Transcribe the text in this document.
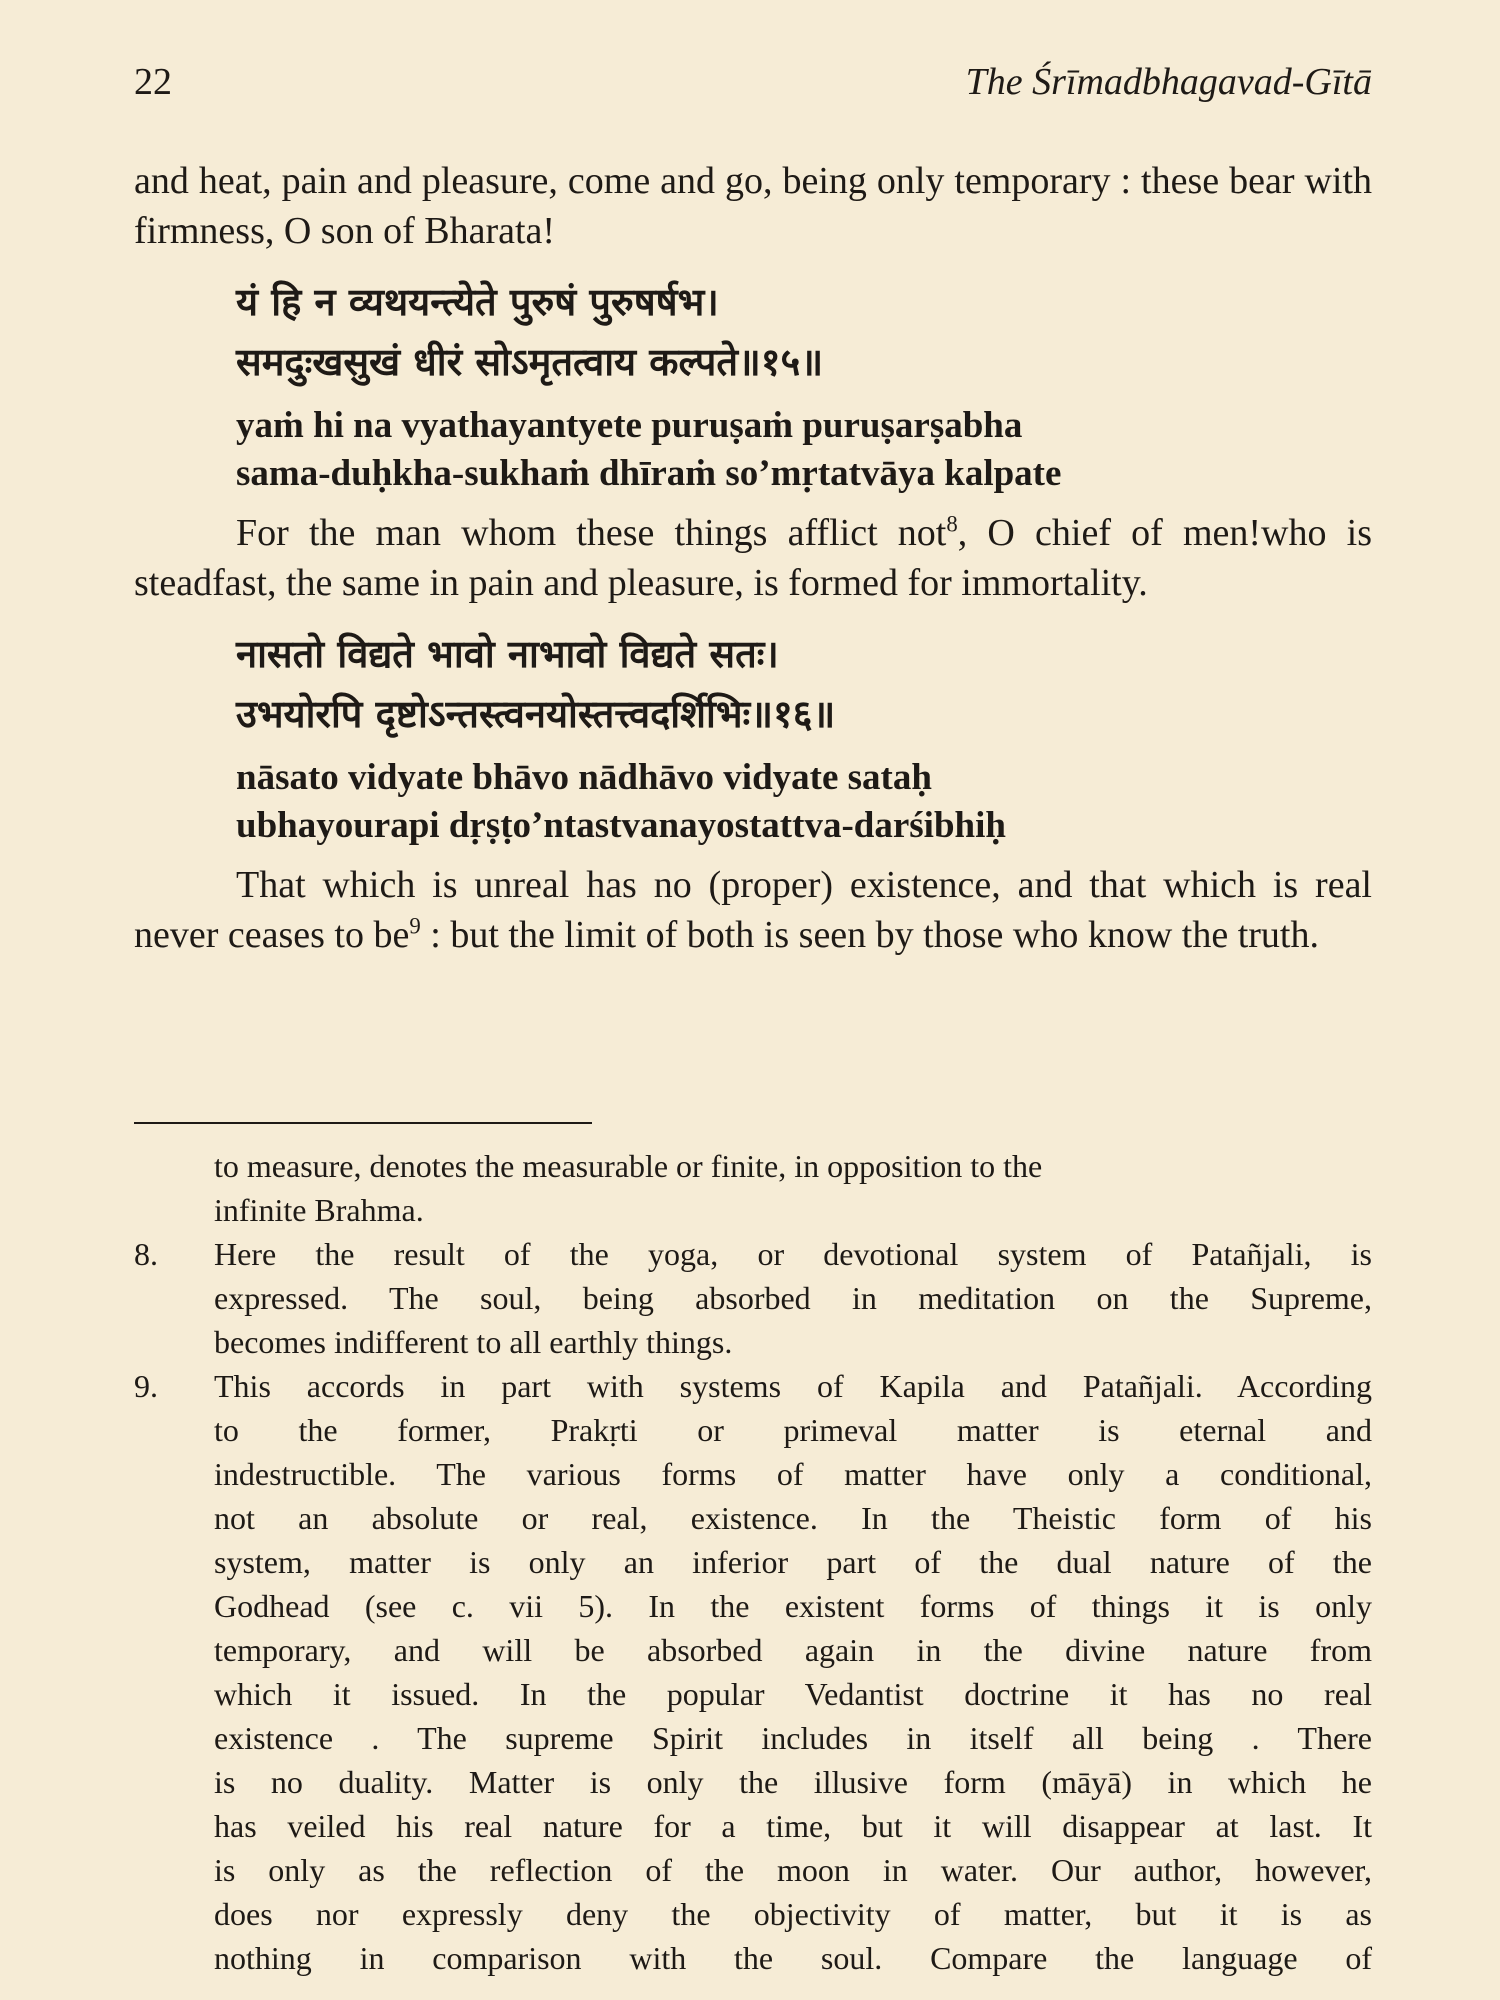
22	The Śrīmadbhagavad-Gītā

and heat, pain and pleasure, come and go, being only temporary : these bear with firmness, O son of Bharata!

यं हि न व्यथयन्त्येते पुरुषं पुरुषर्षभ।

समदुःखसुखं धीरं सोऽमृतत्वाय कल्पते॥१५॥

yaṁ hi na vyathayantyete puruṣaṁ puruṣarṣabha

sama-duḥkha-sukhaṁ dhīraṁ so’mṛtatvāya kalpate

For the man whom these things afflict not$^8$, O chief of men!who is steadfast, the same in pain and pleasure, is formed for immortality.

नासतो विद्यते भावो नाभावो विद्यते सतः।

उभयोरपि दृष्टोऽन्तस्त्वनयोस्तत्त्वदर्शिभिः॥१६॥

nāsato vidyate bhāvo nādhāvo vidyate sataḥ

ubhayourapi dṛṣṭo’ntastvanayostattva-darśibhiḥ

That which is unreal has no (proper) existence, and that which is real never ceases to $be^9$ : but the limit of both is seen by those who know the truth.

to measure, denotes the measurable or finite, in opposition to the
infinite Brahma.
8.	Here the result of the yoga, or devotional system of Patañjali, is
expressed. The soul, being absorbed in meditation on the Supreme,
becomes indifferent to all earthly things.
9.	This accords in part with systems of Kapila and Patañjali. According
to the former, Prakṛti or primeval matter is eternal and
indestructible. The various forms of matter have only a conditional,
not an absolute or real, existence. In the Theistic form of his
system, matter is only an inferior part of the dual nature of the
Godhead (see c. vii 5). In the existent forms of things it is only
temporary, and will be absorbed again in the divine nature from
which it issued. In the popular Vedantist doctrine it has no real
existence . The supreme Spirit includes in itself all being . There
is no duality. Matter is only the illusive form (māyā) in which he
has veiled his real nature for a time, but it will disappear at last. It
is only as the reflection of the moon in water. Our author, however,
does nor expressly deny the objectivity of matter, but it is as
nothing in comparison with the soul. Compare the language of
